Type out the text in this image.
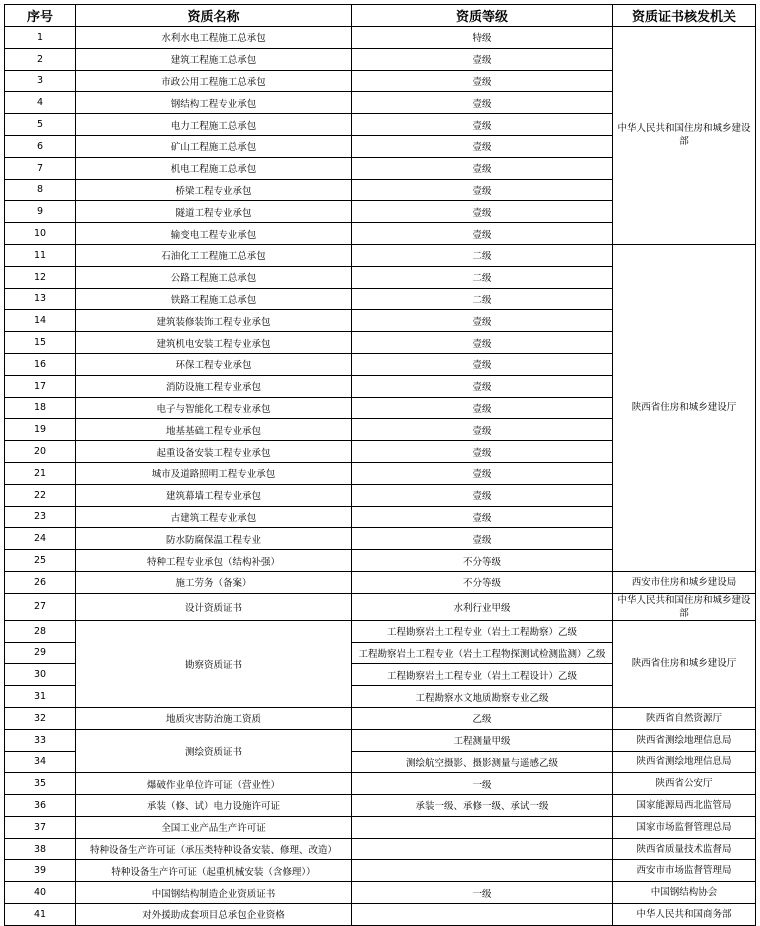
序号	资质名称	资质等级	资质证书核发机关
1	水利水电工程施工总承包	特级	中华人民共和国住房和城乡建设部
2	建筑工程施工总承包	壹级	
3	市政公用工程施工总承包	壹级	
4	钢结构工程专业承包	壹级	
5	电力工程施工总承包	壹级	
6	矿山工程施工总承包	壹级	
7	机电工程施工总承包	壹级	
8	桥梁工程专业承包	壹级	
9	隧道工程专业承包	壹级	
10	输变电工程专业承包	壹级	
11	石油化工工程施工总承包	二级	陕西省住房和城乡建设厅
12	公路工程施工总承包	二级	
13	铁路工程施工总承包	二级	
14	建筑装修装饰工程专业承包	壹级	
15	建筑机电安装工程专业承包	壹级	
16	环保工程专业承包	壹级	
17	消防设施工程专业承包	壹级	
18	电子与智能化工程专业承包	壹级	
19	地基基础工程专业承包	壹级	
20	起重设备安装工程专业承包	壹级	
21	城市及道路照明工程专业承包	壹级	
22	建筑幕墙工程专业承包	壹级	
23	古建筑工程专业承包	壹级	
24	防水防腐保温工程专业	壹级	
25	特种工程专业承包（结构补强）	不分等级	
26	施工劳务（备案）	不分等级	西安市住房和城乡建设局
27	设计资质证书	水利行业甲级	中华人民共和国住房和城乡建设部
28	勘察资质证书	工程勘察岩土工程专业（岩土工程勘察）乙级	陕西省住房和城乡建设厅
29		工程勘察岩土工程专业（岩土工程物探测试检测监测）乙级	
30		工程勘察岩土工程专业（岩土工程设计）乙级	
31		工程勘察水文地质勘察专业乙级	
32	地质灾害防治施工资质	乙级	陕西省自然资源厅
33	测绘资质证书	工程测量甲级	陕西省测绘地理信息局
34		测绘航空摄影、摄影测量与遥感乙级	陕西省测绘地理信息局
35	爆破作业单位许可证（营业性）	一级	陕西省公安厅
36	承装（修、试）电力设施许可证	承装一级、承修一级、承试一级	国家能源局西北监管局
37	全国工业产品生产许可证		国家市场监督管理总局
38	特种设备生产许可证（承压类特种设备安装、修理、改造）		陕西省质量技术监督局
39	特种设备生产许可证（起重机械安装（含修理））		西安市市场监督管理局
40	中国钢结构制造企业资质证书	一级	中国钢结构协会
41	对外援助成套项目总承包企业资格		中华人民共和国商务部
